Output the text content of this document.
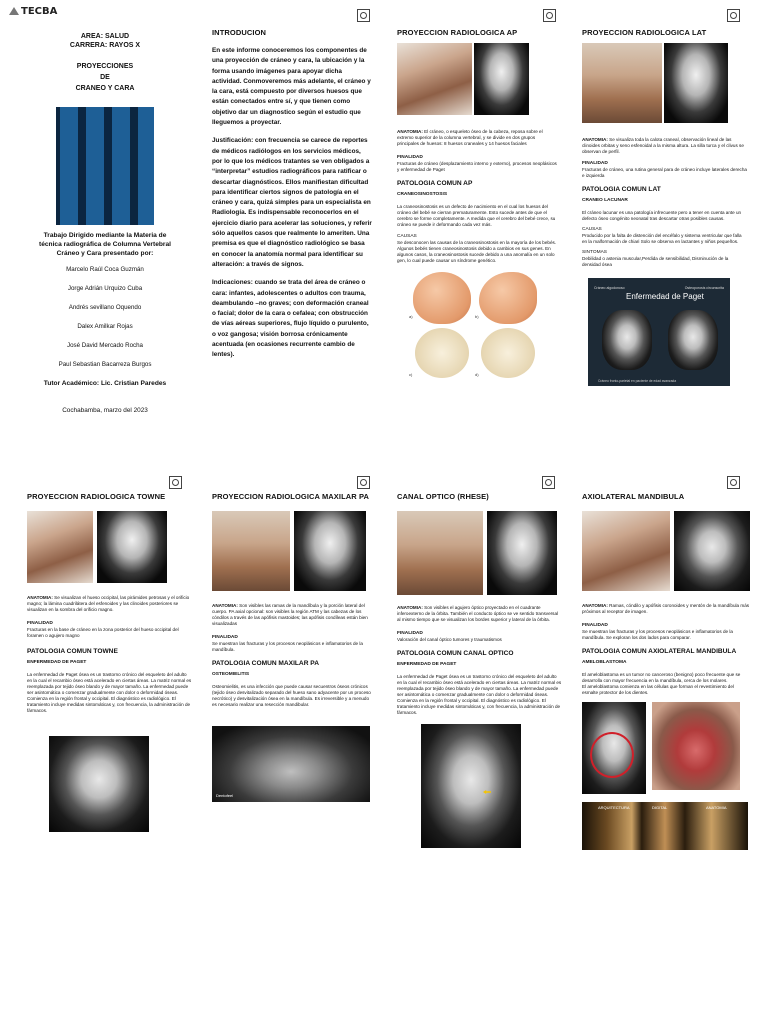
TECBA
AREA: SALUD
CARRERA: RAYOS X
PROYECCIONES
DE
CRANEO Y CARA
Trabajo Dirigido mediante la Materia de
técnica radiográfica de Columna Vertebral
Cráneo y Cara presentado por:
Marcelo Raúl Coca Guzmán
Jorge Adrián Urquizo Cuba
Andrés sevillano Oquendo
Dalex Amilkar Rojas
José David Mercado Rocha
Paul Sebastian Bacarreza Burgos
Tutor Académico: Lic. Cristian Paredes
Cochabamba, marzo del 2023
INTRODUCION

En este informe conoceremos los componentes de una proyección de cráneo y cara, la ubicación y la forma usando imágenes para apoyar dicha actividad. Conmoveremos más adelante, el cráneo y la cara, está compuesto por diversos huesos que están conectados entre sí, y que tienen como objetivo dar un diagnostico según el estudio que lleguemos a proyectar.

Justificación: con frecuencia se carece de reportes de médicos radiólogos en los servicios médicos, por lo que los médicos tratantes se ven obligados a “interpretar” estudios radiográficos para ratificar o descartar diagnósticos. Ellos manifiestan dificultad para identificar ciertos signos de patología en el cráneo y cara, quizá simples para un especialista en Radiología. Es indispensable reconocerlos en el ejercicio diario para acelerar las soluciones, y referir sólo aquellos casos que realmente lo ameriten. Una premisa es que el diagnóstico radiológico se basa en conocer la anatomía normal para identificar su alteración: a través de signos.

Indicaciones: cuando se trata del área de cráneo o cara: infantes, adolescentes o adultos con trauma, deambulando –no graves; con deformación craneal o facial; dolor de la cara o cefalea; con obstrucción de vías aéreas superiores, flujo líquido o purulento, o voz gangosa; visión borrosa crónicamente acentuada (en ocasiones recurrente cambio de lentes).

PROYECCION RADIOLOGICA AP

ANATOMIA: El cráneo, o esqueleto óseo de la cabeza, reposa sobre el extremo superior de la columna vertebral, y se divide en dos grupos principales de huesos: 8 huesos craneales y 14 huesos faciales

FINALIDAD

Fracturas de cráneo (desplazamiento interno y externo), procesos neoplásicos y enfermedad de Paget

PATOLOGIA COMUN AP
CRANEOSINOSTOSIS

La craneosinostosis es un defecto de nacimiento en el cual los huesos del cráneo del bebé se cierran prematuramente. Esto sucede antes de que el cerebro se forme completamente. A medida que el cerebro del bebé crece, su cráneo se puede ir deformando cada vez más.

CAUSAS

Se desconocen las causas de la craneosinostosis en la mayoría de los bebés. Algunos bebés tienen craneosinostosis debido a cambios en sus genes. En algunos casos, la craneosinostosis sucede debido a una anomalía en un solo gen, lo cual puede causar un síndrome genético.

a)	b)
c)	d)
PROYECCION RADIOLOGICA LAT

ANATOMIA: Se visualiza toda la calota craneal, observación lineal de las clinoides orbitas y seno esfenoidal a la misma altura. La silla turca y el clivus se observan de perfil.

FINALIDAD

Fracturas de cráneo, una rutina general para de cráneo incluye laterales derecha e izquierda

PATOLOGIA COMUN LAT
CRANEO LACUNAR

El cráneo lacunar es una patología infrecuente pero a tener en cuenta ante un defecto óseo congénito neonatal tras descartar otras posibles causas.

CAUSAS

Producido por la falta de distención del encéfalo y sistema ventricular que falla en la malformación de chiari Solo se observa en lactantes y niños pequeños.

SINTOMAS

Debilidad o astenia muscular,Perdida de sensibilidad, Disminución de la densidad ósea

Enfermedad de Paget
Cráneo algodonoso	Osteoporosis circunscrita
Cráneo fronto-parietal en paciente de edad avanzada
PROYECCION RADIOLOGICA TOWNE

ANATOMIA: Se visualizan el hueso occipital, las pirámides petrosas y el orificio magno; la lámina cuadrilátera del esfenoides y las clinoides posteriores se visualizan en la sombra del orificio magno.

FINALIDAD

Fracturas en la base de cráneo en la zona posterior del hueso occipital del foramen o agujero magno

PATOLOGIA COMUN TOWNE
ENFERMEDAD DE PAGET

La enfermedad de Paget ósea es un trastorno crónico del esqueleto del adulto en la cual el recambio óseo está acelerado en ciertas áreas. La matriz normal es reemplazada por tejido óseo blando y de mayor tamaño. La enfermedad puede ser asintomática o comenzar gradualmente con dolor o deformidad óseas. Comienza en la región frontal y occipital. El diagnóstico es radiológico. El tratamiento incluye medidas sintomáticas y, con frecuencia, la administración de fármacos.

PROYECCION RADIOLOGICA MAXILAR PA

ANATOMIA: Son visibles las ramas de la mandíbula y la porción lateral del cuerpo. PA axial opcional: son visibles la región ATM y las cabezas de los cóndilos a través de las apófisis mastoides; las apófisis condíleas están bien visualizadas

FINALIDAD

Se muestran las fracturas y los procesos neoplásicos e inflamatorios de la mandíbula.

PATOLOGIA COMUN MAXILAR PA
OSTEOMIELITIS

Osteomielitis, es una infección que puede causar secuentros óseos crónicos (tejido óseo desvitalizado separado del hueso sano adyacente por un proceso necrótico) y desvitalización ósea en la mandíbula. Es irreversible y a menudo es necesario realizar una resección mandibular.

Dentofeel
CANAL OPTICO (RHESE)

ANATOMIA: Son visibles el agujero óptico proyectado en el cuadrante inferoexterno de la órbita. También el conducto óptico se ve sentido transversal al mismo tiempo que se visualizan los bordes superior y lateral de la órbita.

FINALIDAD

Valoración del canal óptico tumores y traumatismos

PATOLOGIA COMUN CANAL OPTICO
ENFERMEDAD DE PAGET

La enfermedad de Paget ósea es un trastorno crónico del esqueleto del adulto en la cual el recambio óseo está acelerado en ciertas áreas. La matriz normal es reemplazada por tejido óseo blando y de mayor tamaño. La enfermedad puede ser asintomática o comenzar gradualmente con dolor o deformidad óseas. Comienza en la región frontal y occipital. El diagnóstico es radiológico. El tratamiento incluye medidas sintomáticas y, con frecuencia, la administración de fármacos.

AXIOLATERAL MANDIBULA

ANATOMIA: Ramas, cóndilo y apófisis coronoides y mentón de la mandíbula más próximos al receptor de imagen.

FINALIDAD

Se muestran las fracturas y los procesos neoplásicos e inflamatorios de la mandíbula. Se exploran los dos lados para comparar.

PATOLOGIA COMUN AXIOLATERAL MANDIBULA
AMELOBLASTOMA

El ameloblastoma es un tumor no canceroso (benigno) poco frecuente que se desarrolla con mayor frecuencia en la mandíbula, cerca de los molares.

El ameloblastoma comienza en las células que forman el revestimiento del esmalte protector de los dientes.

ARQUITECTURA	DIGITAL	ANATOMIA
